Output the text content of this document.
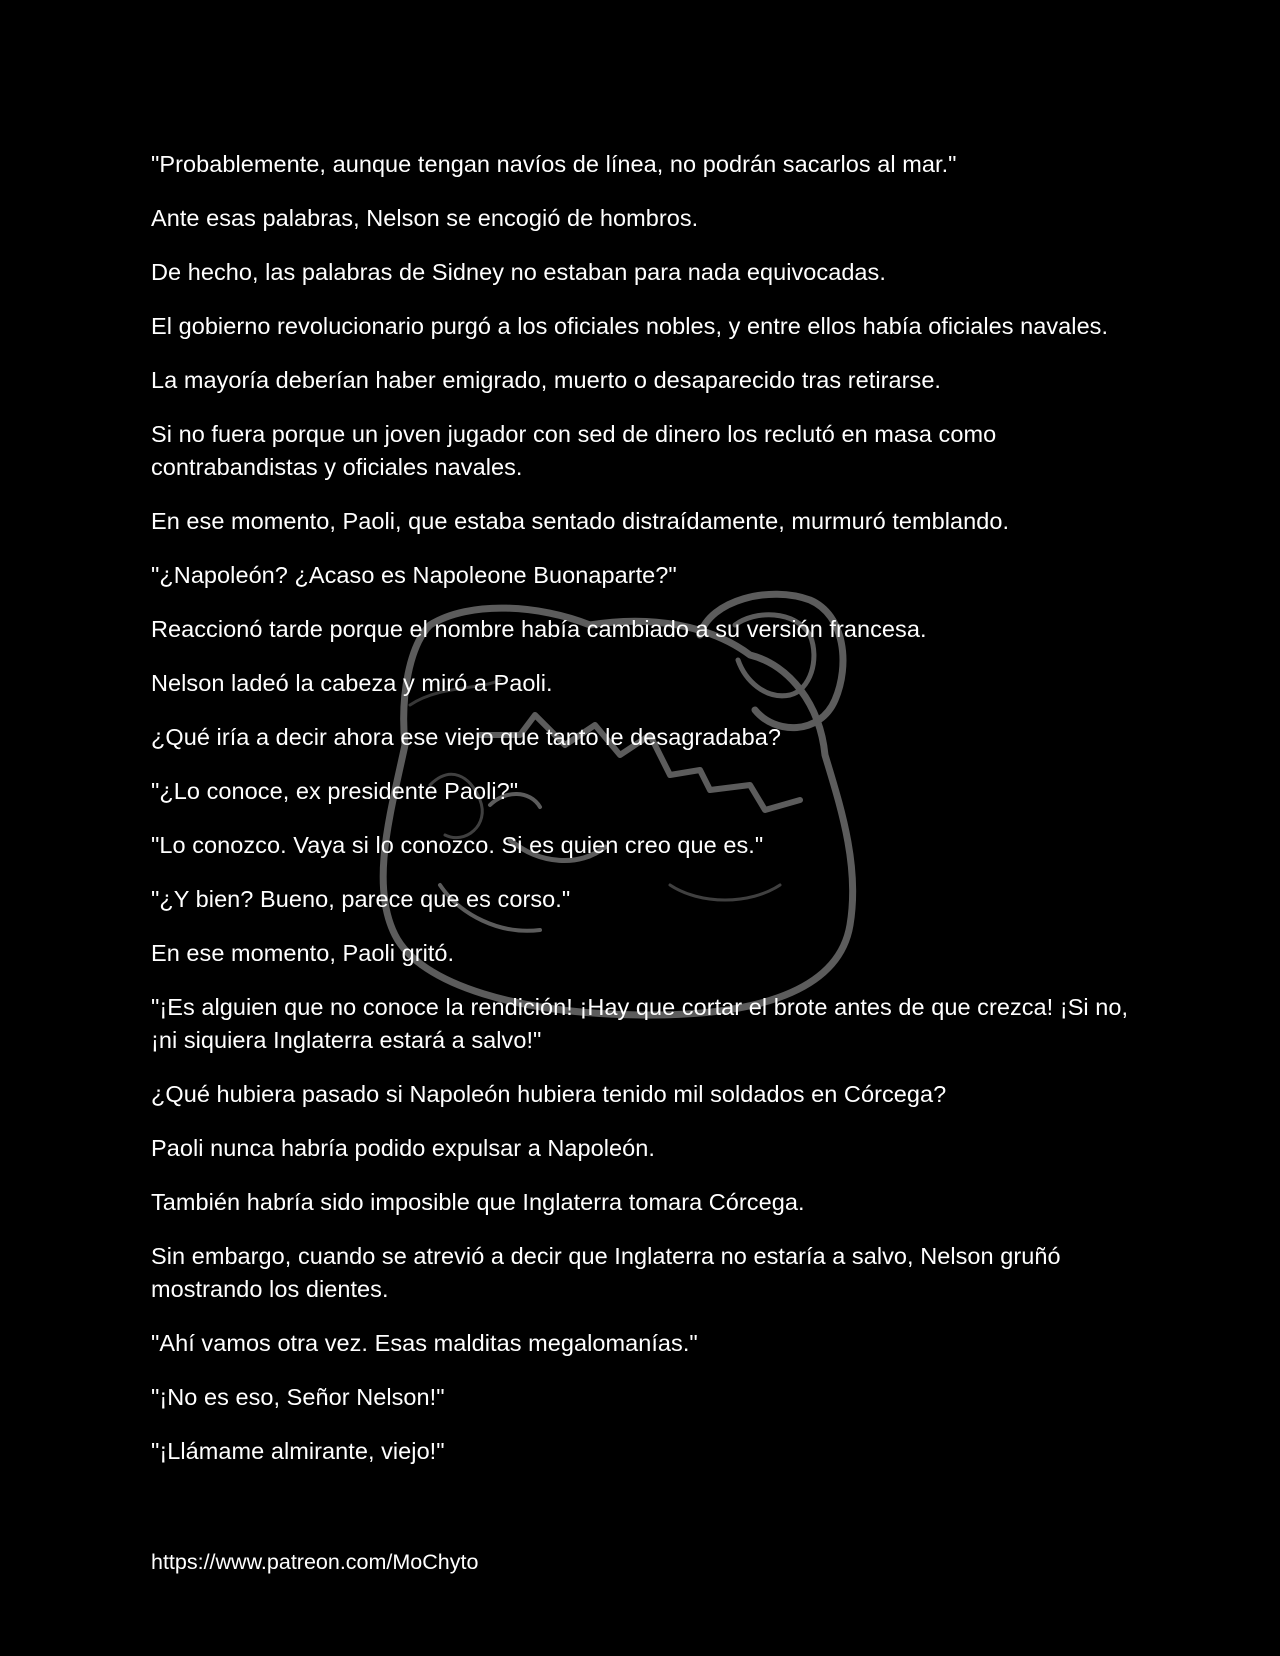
"Probablemente, aunque tengan navíos de línea, no podrán sacarlos al mar."

Ante esas palabras, Nelson se encogió de hombros.

De hecho, las palabras de Sidney no estaban para nada equivocadas.

El gobierno revolucionario purgó a los oficiales nobles, y entre ellos había oficiales navales.

La mayoría deberían haber emigrado, muerto o desaparecido tras retirarse.

Si no fuera porque un joven jugador con sed de dinero los reclutó en masa como contrabandistas y oficiales navales.

En ese momento, Paoli, que estaba sentado distraídamente, murmuró temblando.

"¿Napoleón? ¿Acaso es Napoleone Buonaparte?"

Reaccionó tarde porque el nombre había cambiado a su versión francesa.

Nelson ladeó la cabeza y miró a Paoli.

¿Qué iría a decir ahora ese viejo que tanto le desagradaba?

"¿Lo conoce, ex presidente Paoli?"

"Lo conozco. Vaya si lo conozco. Si es quien creo que es."

"¿Y bien? Bueno, parece que es corso."

En ese momento, Paoli gritó.

"¡Es alguien que no conoce la rendición! ¡Hay que cortar el brote antes de que crezca! ¡Si no, ¡ni siquiera Inglaterra estará a salvo!"

¿Qué hubiera pasado si Napoleón hubiera tenido mil soldados en Córcega?

Paoli nunca habría podido expulsar a Napoleón.

También habría sido imposible que Inglaterra tomara Córcega.

Sin embargo, cuando se atrevió a decir que Inglaterra no estaría a salvo, Nelson gruñó mostrando los dientes.

"Ahí vamos otra vez. Esas malditas megalomanías."

"¡No es eso, Señor Nelson!"

"¡Llámame almirante, viejo!"

https://www.patreon.com/MoChyto
